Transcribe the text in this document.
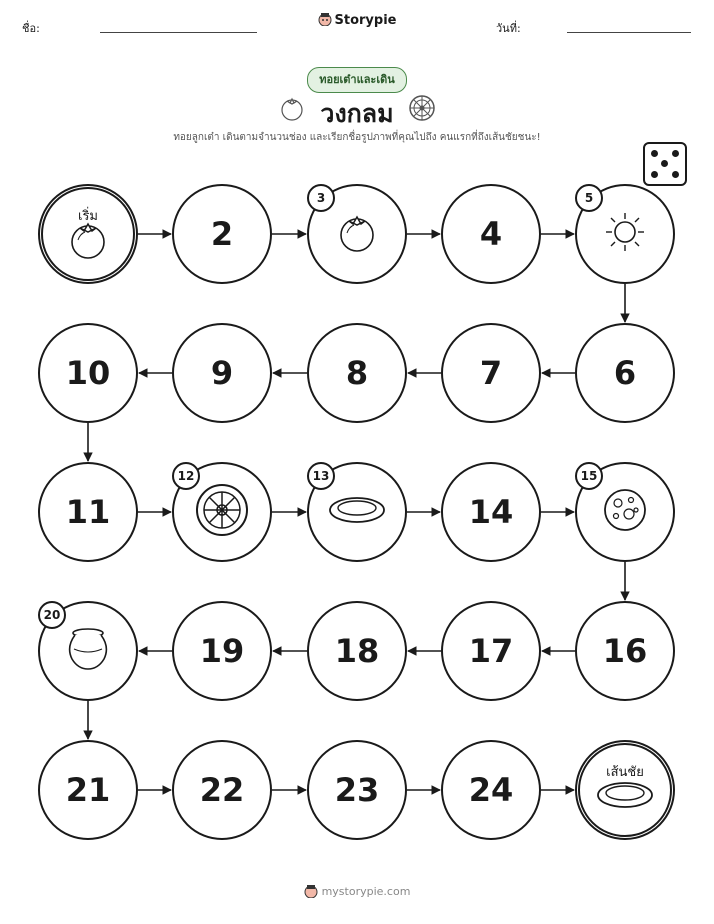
ชื่อ:
Storypie
วันที่:
ทอยเต๋าและเดิน
วงกลม
ทอยลูกเต๋า เดินตามจำนวนช่อง และเรียกชื่อรูปภาพที่คุณไปถึง คนแรกที่ถึงเส้นชัยชนะ!
เริ่ม	2
3
4
5
6
7
8
9
10
11
12	13
14
15
16
17
18
19
20
21	22	23	24	เส้นชัย
mystorypie.com
